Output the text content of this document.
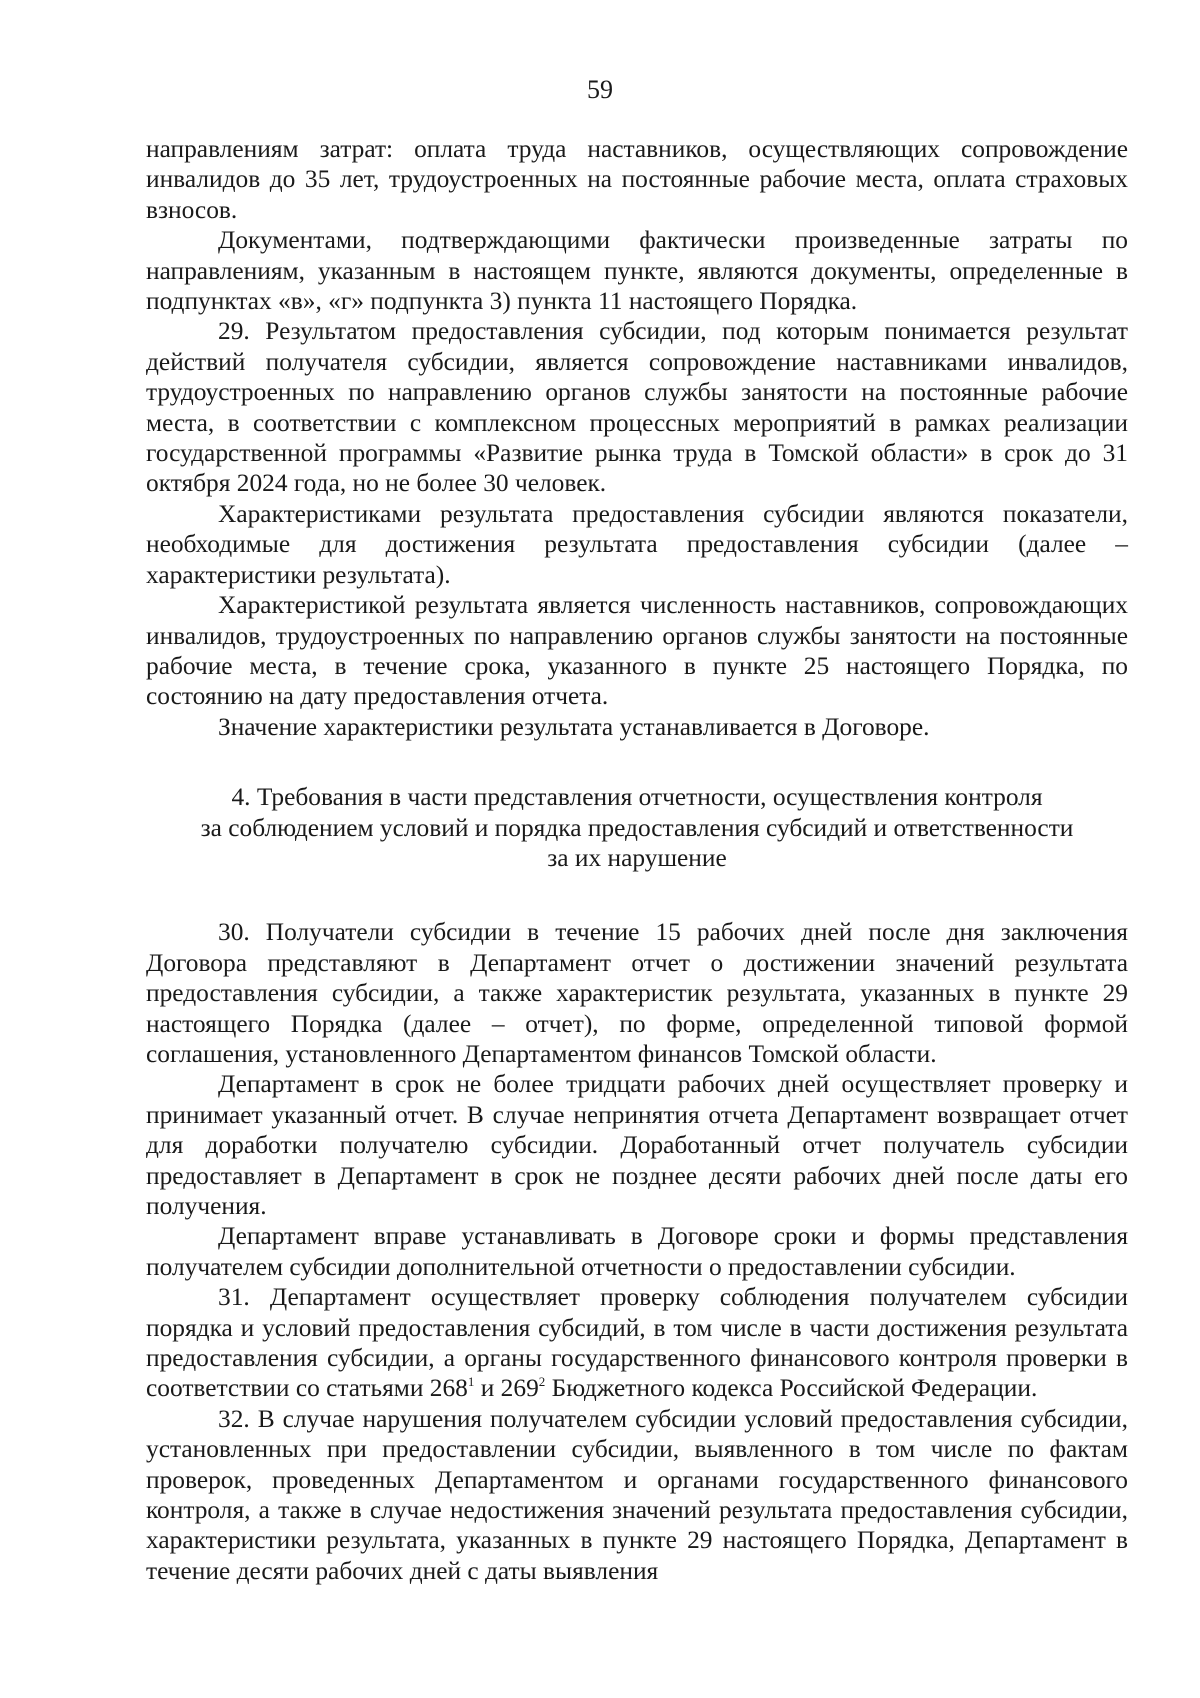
59

направлениям затрат: оплата труда наставников, осуществляющих сопровождение инвалидов до 35 лет, трудоустроенных на постоянные рабочие места, оплата страховых взносов.

Документами, подтверждающими фактически произведенные затраты по направлениям, указанным в настоящем пункте, являются документы, определенные в подпунктах «в», «г» подпункта 3) пункта 11 настоящего Порядка.

29. Результатом предоставления субсидии, под которым понимается результат действий получателя субсидии, является сопровождение наставниками инвалидов, трудоустроенных по направлению органов службы занятости на постоянные рабочие места, в соответствии с комплексном процессных мероприятий в рамках реализации государственной программы «Развитие рынка труда в Томской области» в срок до 31 октября 2024 года, но не более 30 человек.

Характеристиками результата предоставления субсидии являются показатели, необходимые для достижения результата предоставления субсидии (далее – характеристики результата).

Характеристикой результата является численность наставников, сопровождающих инвалидов, трудоустроенных по направлению органов службы занятости на постоянные рабочие места, в течение срока, указанного в пункте 25 настоящего Порядка, по состоянию на дату предоставления отчета.

Значение характеристики результата устанавливается в Договоре.

4. Требования в части представления отчетности, осуществления контроля
за соблюдением условий и порядка предоставления субсидий и ответственности
за их нарушение

30. Получатели субсидии в течение 15 рабочих дней после дня заключения Договора представляют в Департамент отчет о достижении значений результата предоставления субсидии, а также характеристик результата, указанных в пункте 29 настоящего Порядка (далее – отчет), по форме, определенной типовой формой соглашения, установленного Департаментом финансов Томской области.

Департамент в срок не более тридцати рабочих дней осуществляет проверку и принимает указанный отчет. В случае непринятия отчета Департамент возвращает отчет для доработки получателю субсидии. Доработанный отчет получатель субсидии предоставляет в Департамент в срок не позднее десяти рабочих дней после даты его получения.

Департамент вправе устанавливать в Договоре сроки и формы представления получателем субсидии дополнительной отчетности о предоставлении субсидии.

31. Департамент осуществляет проверку соблюдения получателем субсидии порядка и условий предоставления субсидий, в том числе в части достижения результата предоставления субсидии, а органы государственного финансового контроля проверки в соответствии со статьями $268^1$ и $269^2$ Бюджетного кодекса Российской Федерации.

32. В случае нарушения получателем субсидии условий предоставления субсидии, установленных при предоставлении субсидии, выявленного в том числе по фактам проверок, проведенных Департаментом и органами государственного финансового контроля, а также в случае недостижения значений результата предоставления субсидии, характеристики результата, указанных в пункте 29 настоящего Порядка, Департамент в течение десяти рабочих дней с даты выявления
